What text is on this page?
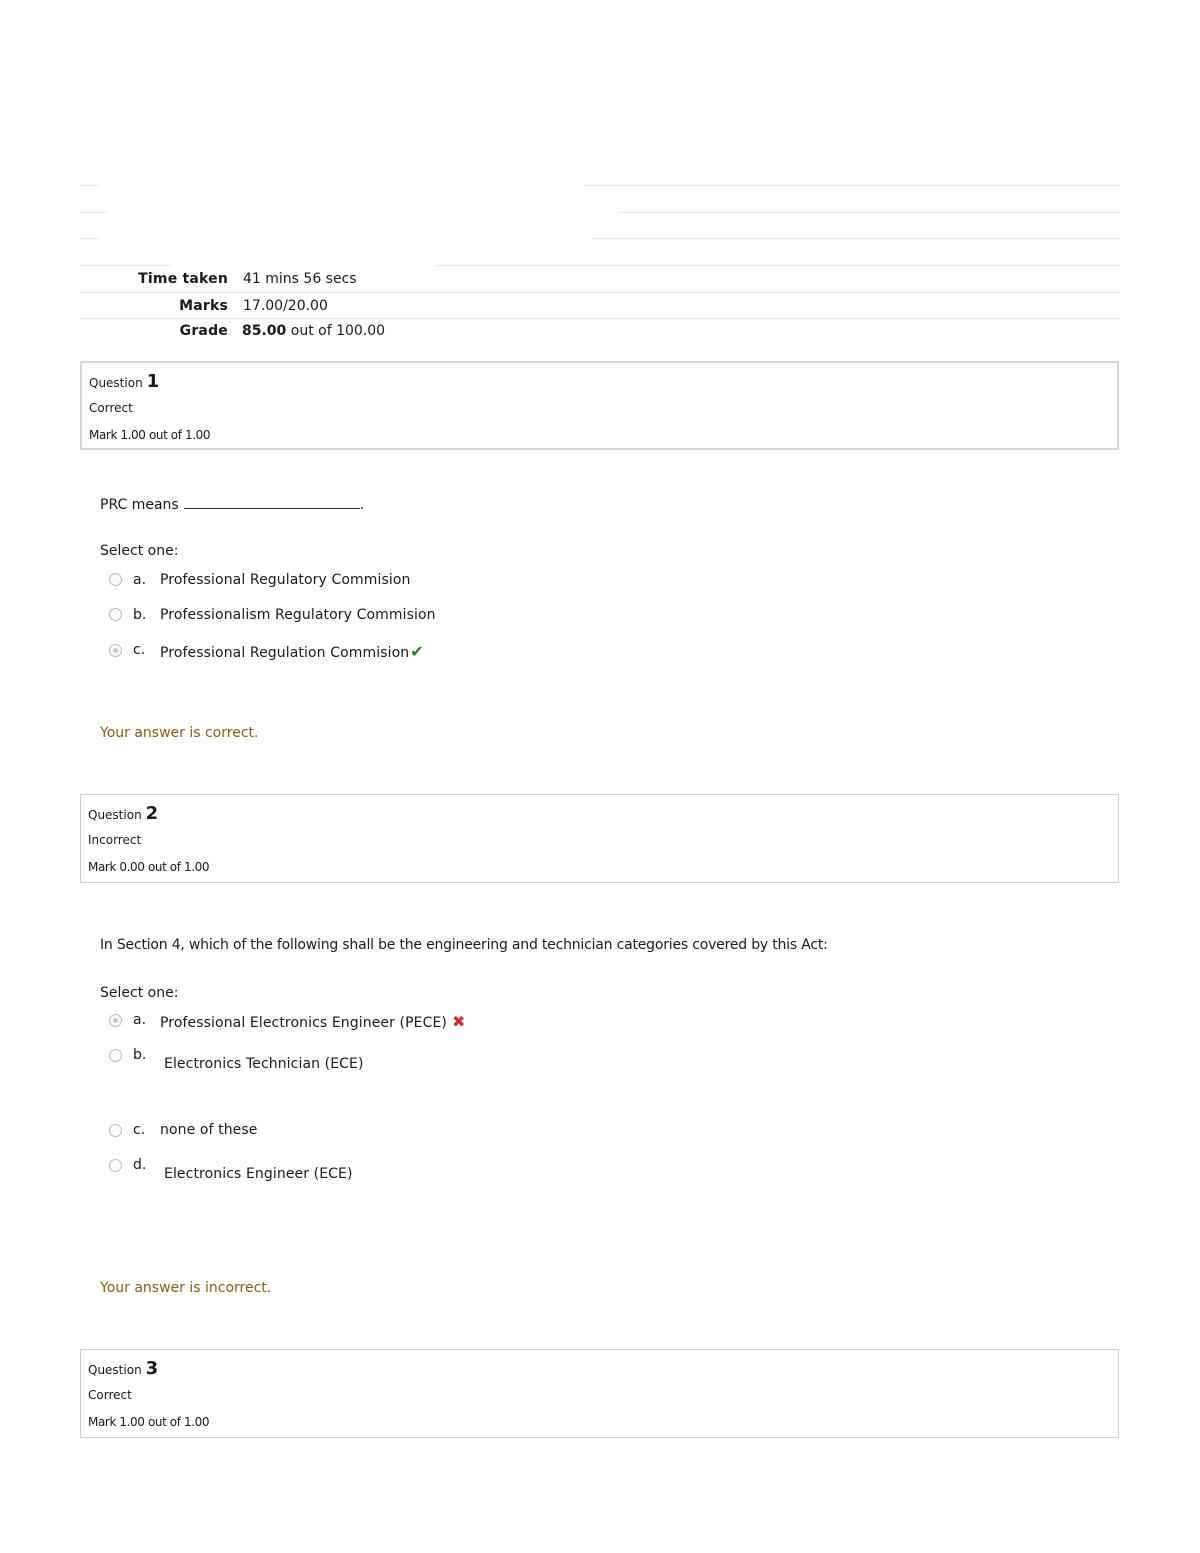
Time taken 41 mins 56 secs
Marks 17.00/20.00
Grade 85.00 out of 100.00
Question 1
Correct
Mark 1.00 out of 1.00
PRC means	.
Select one:
a. Professional Regulatory Commision
b. Professionalism Regulatory Commision
c. Professional Regulation Commision✔
Your answer is correct.
Question 2
Incorrect
Mark 0.00 out of 1.00
In Section 4, which of the following shall be the engineering and technician categories covered by this Act:
Select one:
a. Professional Electronics Engineer (PECE) ✖
b.
Electronics Technician (ECE)
c. none of these
d.
Electronics Engineer (ECE)
Your answer is incorrect.
Question 3
Correct
Mark 1.00 out of 1.00
